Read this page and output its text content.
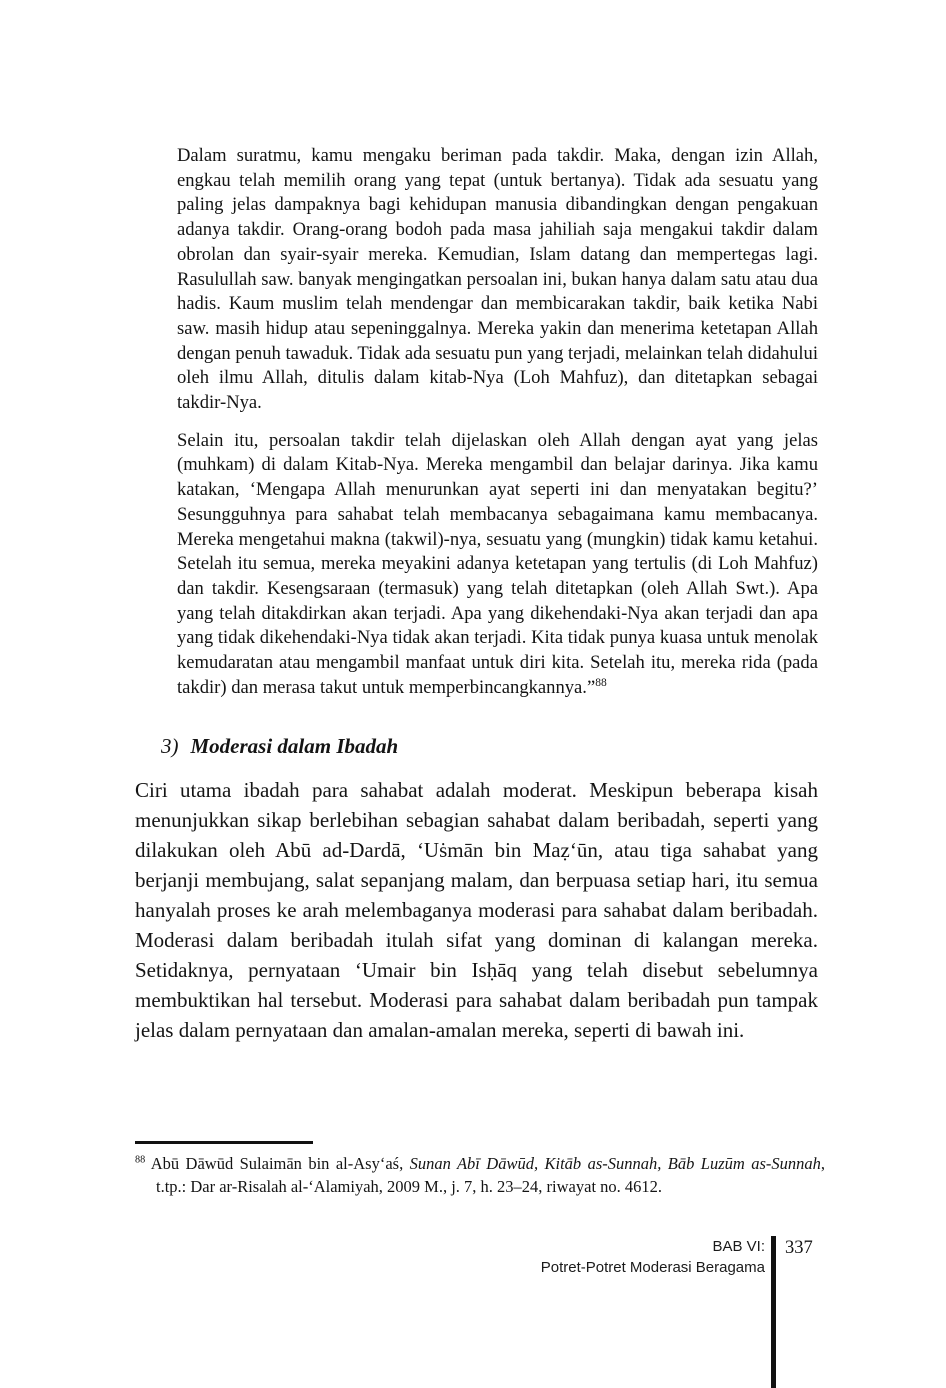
Dalam suratmu, kamu mengaku beriman pada takdir. Maka, dengan izin Allah, engkau telah memilih orang yang tepat (untuk bertanya). Tidak ada sesuatu yang paling jelas dampaknya bagi kehidupan manusia dibandingkan dengan pengakuan adanya takdir. Orang-orang bodoh pada masa jahiliah saja mengakui takdir dalam obrolan dan syair-syair mereka. Kemudian, Islam datang dan mempertegas lagi. Rasulullah saw. banyak mengingatkan persoalan ini, bukan hanya dalam satu atau dua hadis. Kaum muslim telah mendengar dan membicarakan takdir, baik ketika Nabi saw. masih hidup atau sepeninggalnya. Mereka yakin dan menerima ketetapan Allah dengan penuh tawaduk. Tidak ada sesuatu pun yang terjadi, melainkan telah didahului oleh ilmu Allah, ditulis dalam kitab-Nya (Loh Mahfuz), dan ditetapkan sebagai takdir-Nya.

Selain itu, persoalan takdir telah dijelaskan oleh Allah dengan ayat yang jelas (muhkam) di dalam Kitab-Nya. Mereka mengambil dan belajar darinya. Jika kamu katakan, ‘Mengapa Allah menurunkan ayat seperti ini dan menyatakan begitu?’ Sesungguhnya para sahabat telah membacanya sebagaimana kamu membacanya. Mereka mengetahui makna (takwil)-nya, sesuatu yang (mungkin) tidak kamu ketahui. Setelah itu semua, mereka meyakini adanya ketetapan yang tertulis (di Loh Mahfuz) dan takdir. Kesengsaraan (termasuk) yang telah ditetapkan (oleh Allah Swt.). Apa yang telah ditakdirkan akan terjadi. Apa yang dikehendaki-Nya akan terjadi dan apa yang tidak dikehendaki-Nya tidak akan terjadi. Kita tidak punya kuasa untuk menolak kemudaratan atau mengambil manfaat untuk diri kita. Setelah itu, mereka rida (pada takdir) dan merasa takut untuk memperbincangkannya.”$^{88}$

3) Moderasi dalam Ibadah

Ciri utama ibadah para sahabat adalah moderat. Meskipun beberapa kisah menunjukkan sikap berlebihan sebagian sahabat dalam beribadah, seperti yang dilakukan oleh Abū ad-Dardā, ʻUṡmān bin Maẓʻūn, atau tiga sahabat yang berjanji membujang, salat sepanjang malam, dan berpuasa setiap hari, itu semua hanyalah proses ke arah melembaganya moderasi para sahabat dalam beribadah. Moderasi dalam beribadah itulah sifat yang dominan di kalangan mereka. Setidaknya, pernyataan ʻUmair bin Isḥāq yang telah disebut sebelumnya membuktikan hal tersebut. Moderasi para sahabat dalam beribadah pun tampak jelas dalam pernyataan dan amalan-amalan mereka, seperti di bawah ini.

$^{88}$ Abū Dāwūd Sulaimān bin al-Asyʻaś, Sunan Abī Dāwūd, Kitāb as-Sunnah, Bāb Luzūm as-Sunnah, t.tp.: Dar ar-Risalah al-ʻAlamiyah, 2009 M., j. 7, h. 23–24, riwayat no. 4612.

BAB VI:
Potret-Potret Moderasi Beragama
337
